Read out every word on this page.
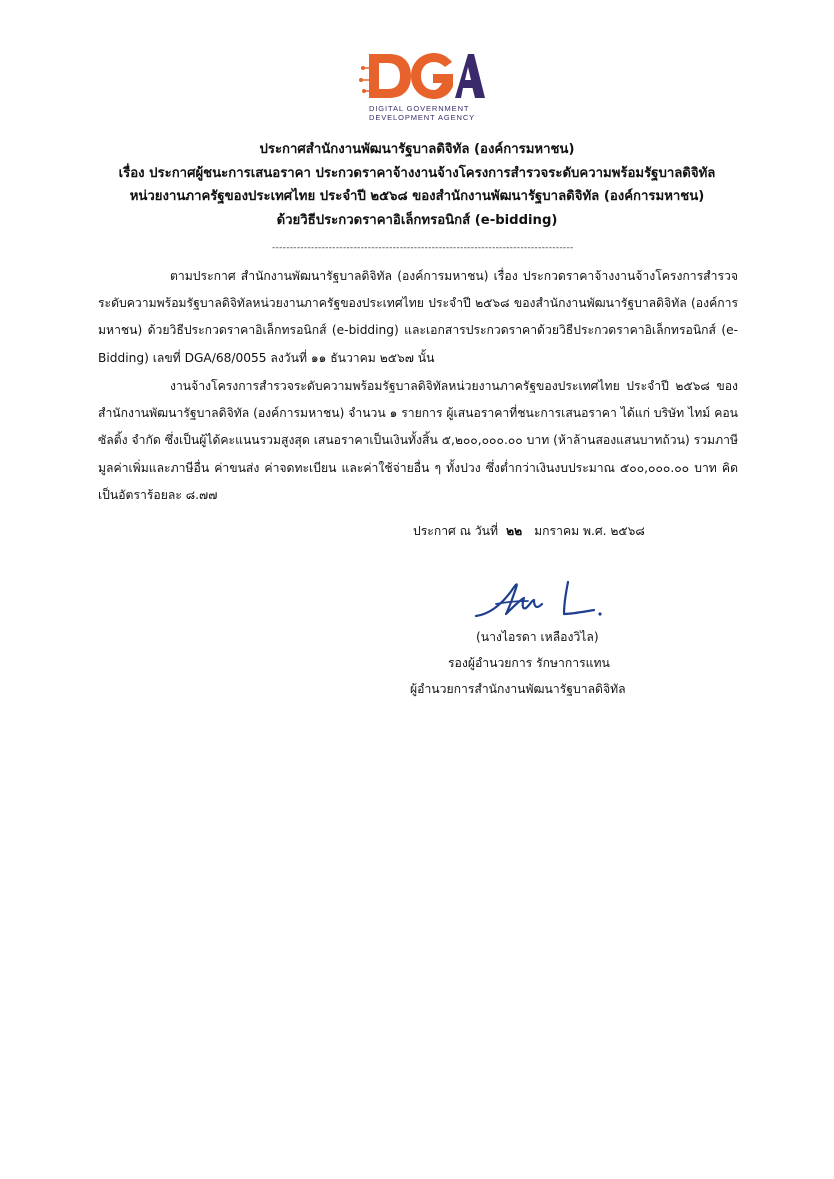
DIGITAL GOVERNMENT
DEVELOPMENT AGENCY
ประกาศสำนักงานพัฒนารัฐบาลดิจิทัล (องค์การมหาชน)
เรื่อง ประกาศผู้ชนะการเสนอราคา ประกวดราคาจ้างงานจ้างโครงการสำรวจระดับความพร้อมรัฐบาลดิจิทัล
หน่วยงานภาครัฐของประเทศไทย ประจำปี ๒๕๖๘ ของสำนักงานพัฒนารัฐบาลดิจิทัล (องค์การมหาชน)
ด้วยวิธีประกวดราคาอิเล็กทรอนิกส์ (e-bidding)
-------------------------------------------------------------------------------------
ตามประกาศ สำนักงานพัฒนารัฐบาลดิจิทัล (องค์การมหาชน) เรื่อง ประกวดราคาจ้างงานจ้างโครงการสำรวจระดับความพร้อมรัฐบาลดิจิทัลหน่วยงานภาครัฐของประเทศไทย ประจำปี ๒๕๖๘ ของสำนักงานพัฒนารัฐบาลดิจิทัล (องค์การมหาชน) ด้วยวิธีประกวดราคาอิเล็กทรอนิกส์ (e-bidding) และเอกสารประกวดราคาด้วยวิธีประกวดราคาอิเล็กทรอนิกส์ (e-Bidding) เลขที่ DGA/68/0055 ลงวันที่ ๑๑ ธันวาคม ๒๕๖๗ นั้น
งานจ้างโครงการสำรวจระดับความพร้อมรัฐบาลดิจิทัลหน่วยงานภาครัฐของประเทศไทย ประจำปี ๒๕๖๘ ของสำนักงานพัฒนารัฐบาลดิจิทัล (องค์การมหาชน) จำนวน ๑ รายการ ผู้เสนอราคาที่ชนะการเสนอราคา ได้แก่ บริษัท ไทม์ คอนซัลติ้ง จำกัด ซึ่งเป็นผู้ได้คะแนนรวมสูงสุด เสนอราคาเป็นเงินทั้งสิ้น ๕,๒๐๐,๐๐๐.๐๐ บาท (ห้าล้านสองแสนบาทถ้วน) รวมภาษีมูลค่าเพิ่มและภาษีอื่น ค่าขนส่ง ค่าจดทะเบียน และค่าใช้จ่ายอื่น ๆ ทั้งปวง ซึ่งต่ำกว่าเงินงบประมาณ ๕๐๐,๐๐๐.๐๐ บาท คิดเป็นอัตราร้อยละ ๘.๗๗
ประกาศ ณ วันที่ ๒๒ มกราคม พ.ศ. ๒๕๖๘
(นางไอรดา เหลืองวิไล)
รองผู้อำนวยการ รักษาการแทน
ผู้อำนวยการสำนักงานพัฒนารัฐบาลดิจิทัล
